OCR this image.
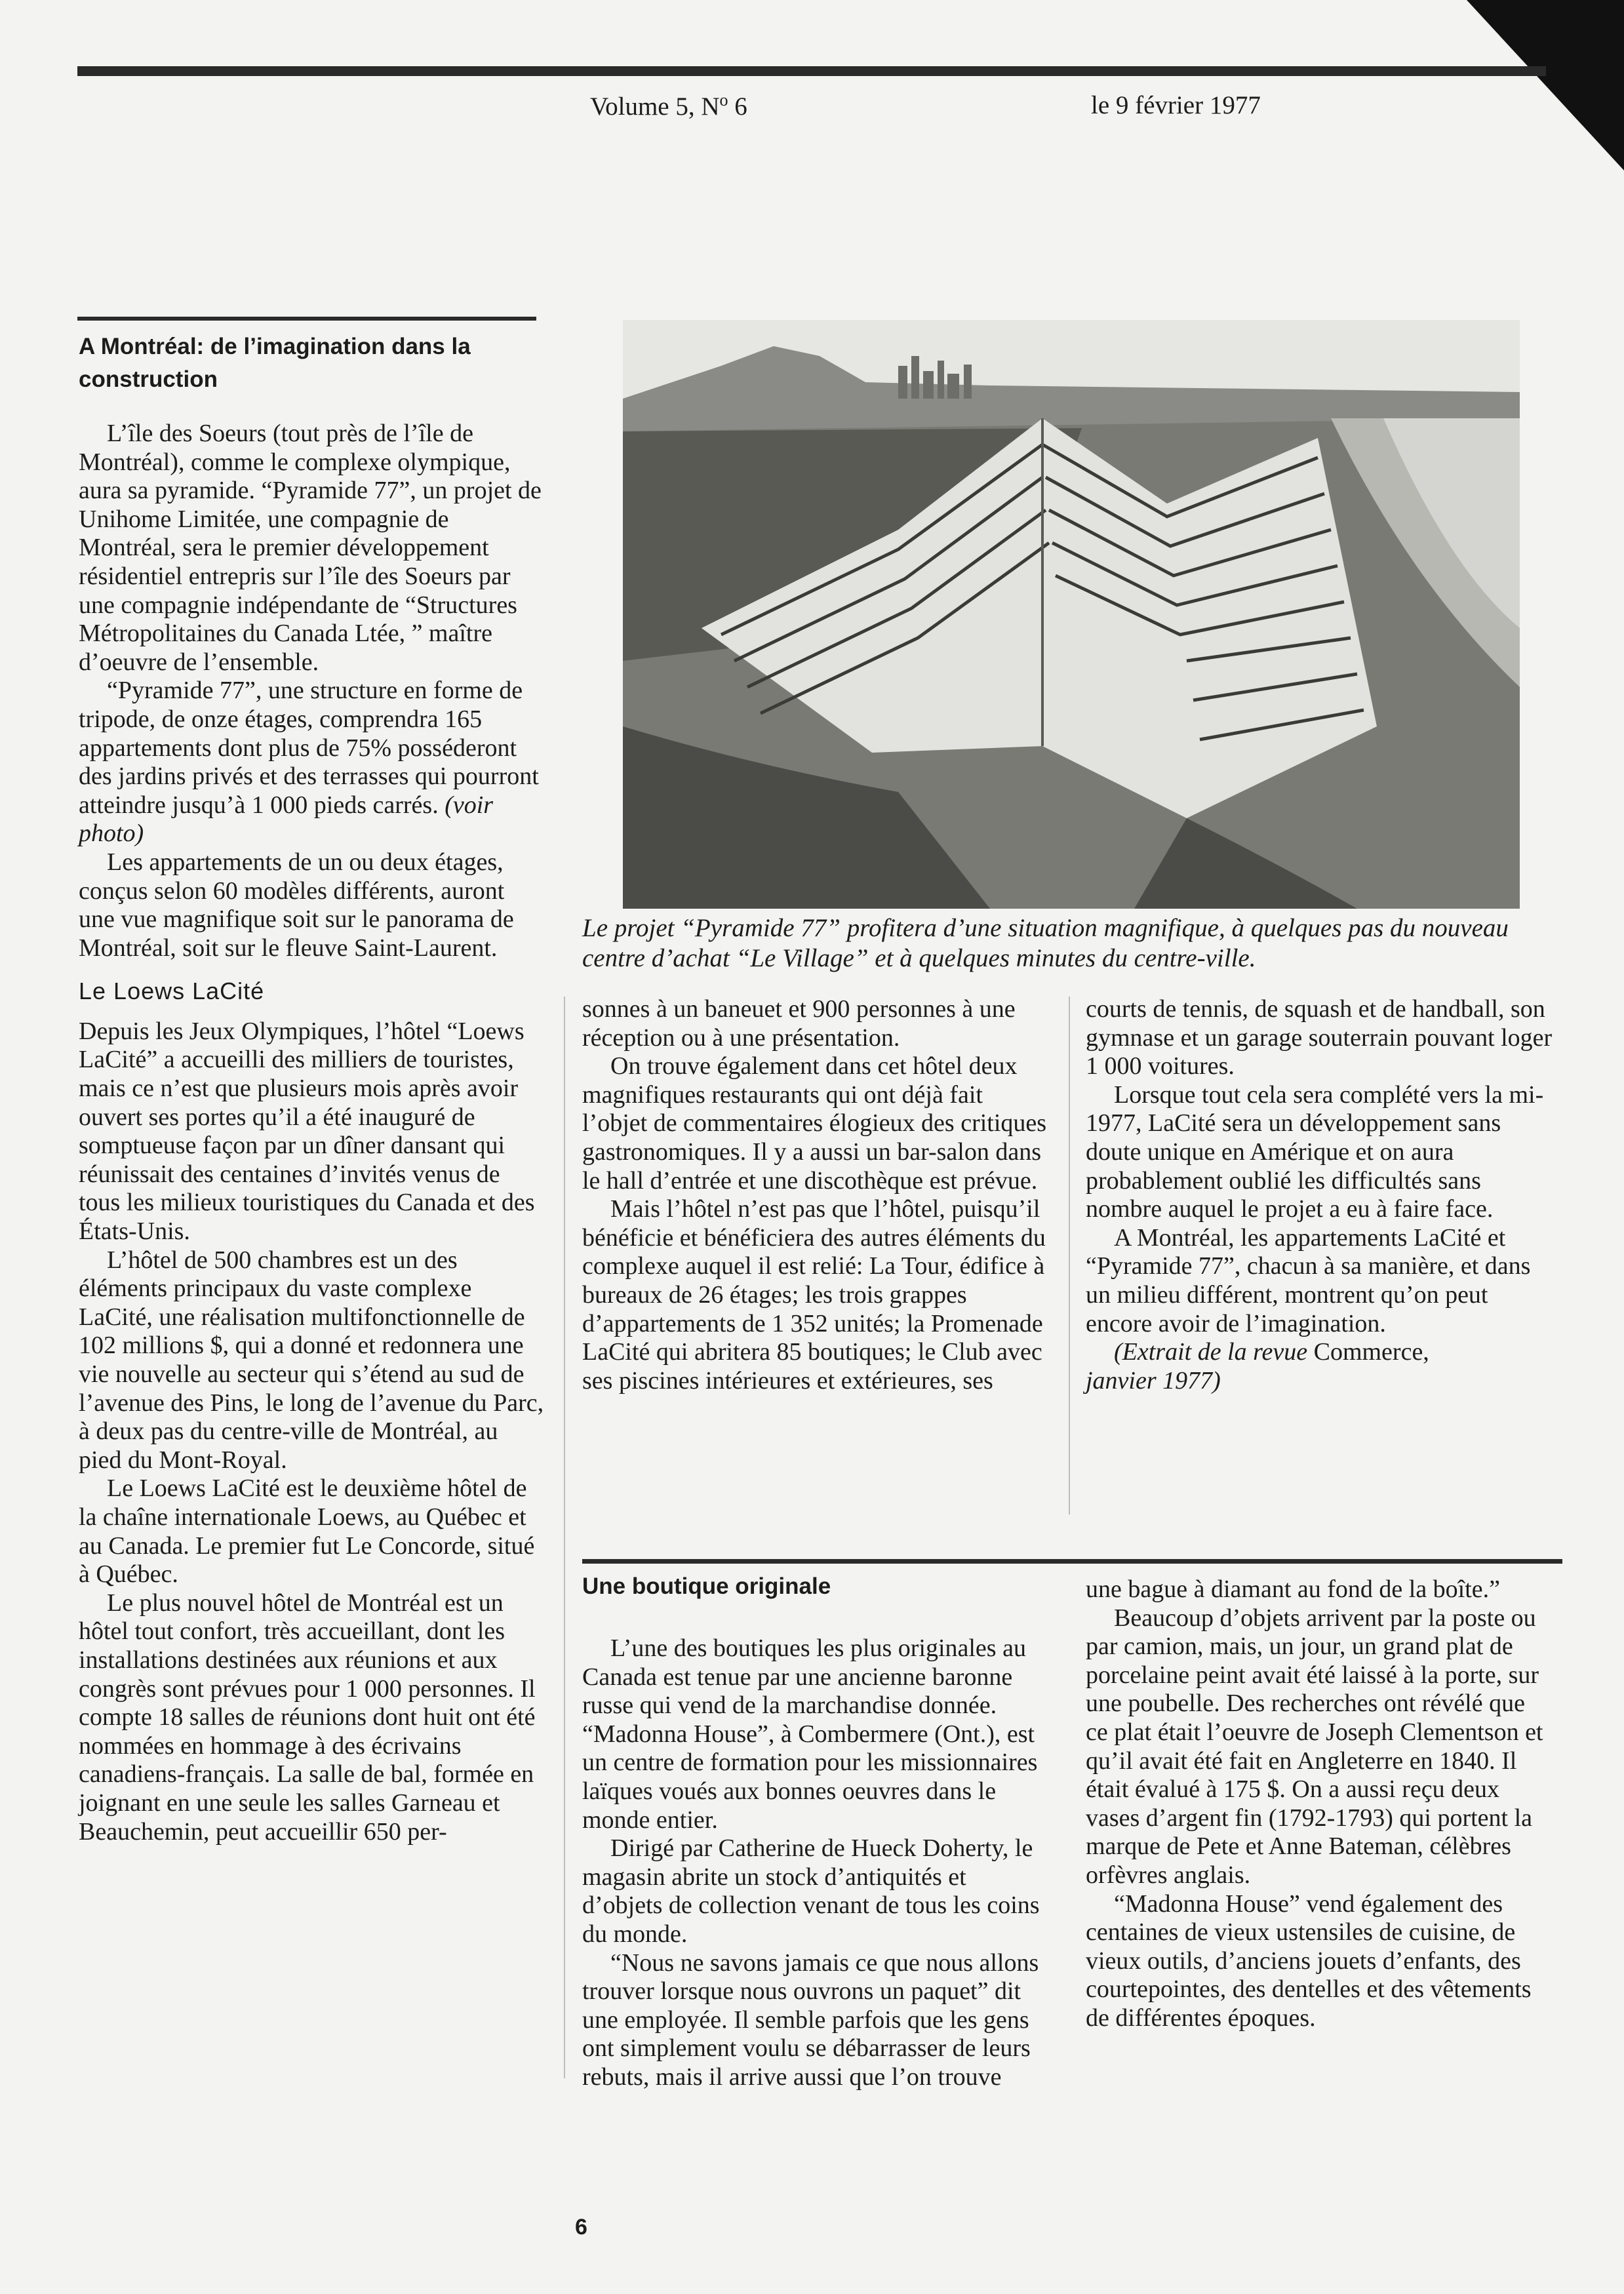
Volume 5, $N^o$ 6	le 9 février 1977
A Montréal: de l’imagination dans la construction

L’île des Soeurs (tout près de l’île de Montréal), comme le complexe olympique, aura sa pyramide. “Pyramide 77”, un projet de Unihome Limitée, une compagnie de Montréal, sera le premier développement résidentiel entrepris sur l’île des Soeurs par une compagnie indépendante de “Structures Métropolitaines du Canada Ltée, ” maître d’oeuvre de l’ensemble.

“Pyramide 77”, une structure en forme de tripode, de onze étages, comprendra 165 appartements dont plus de 75% posséderont des jardins privés et des terrasses qui pourront atteindre jusqu’à 1 000 pieds carrés. (voir photo)

Les appartements de un ou deux étages, conçus selon 60 modèles différents, auront une vue magnifique soit sur le panorama de Montréal, soit sur le fleuve Saint-Laurent.

Le Loews LaCité

Depuis les Jeux Olympiques, l’hôtel “Loews LaCité” a accueilli des milliers de touristes, mais ce n’est que plusieurs mois après avoir ouvert ses portes qu’il a été inauguré de somptueuse façon par un dîner dansant qui réunissait des centaines d’invités venus de tous les milieux touristiques du Canada et des États-Unis.

L’hôtel de 500 chambres est un des éléments principaux du vaste complexe LaCité, une réalisation multifonctionnelle de 102 millions $, qui a donné et redonnera une vie nouvelle au secteur qui s’étend au sud de l’avenue des Pins, le long de l’avenue du Parc, à deux pas du centre-ville de Montréal, au pied du Mont-Royal.

Le Loews LaCité est le deuxième hôtel de la chaîne internationale Loews, au Québec et au Canada. Le premier fut Le Concorde, situé à Québec.

Le plus nouvel hôtel de Montréal est un hôtel tout confort, très accueillant, dont les installations destinées aux réunions et aux congrès sont prévues pour 1 000 personnes. Il compte 18 salles de réunions dont huit ont été nommées en hommage à des écrivains canadiens-français. La salle de bal, formée en joignant en une seule les salles Garneau et Beauchemin, peut accueillir 650 per-

Le projet “Pyramide 77” profitera d’une situation magnifique, à quelques pas du nouveau centre d’achat “Le Village” et à quelques minutes du centre-ville.

sonnes à un baneuet et 900 personnes à une réception ou à une présentation.

On trouve également dans cet hôtel deux magnifiques restaurants qui ont déjà fait l’objet de commentaires élogieux des critiques gastronomiques. Il y a aussi un bar-salon dans le hall d’entrée et une discothèque est prévue.

Mais l’hôtel n’est pas que l’hôtel, puisqu’il bénéficie et bénéficiera des autres éléments du complexe auquel il est relié: La Tour, édifice à bureaux de 26 étages; les trois grappes d’appartements de 1 352 unités; la Promenade LaCité qui abritera 85 boutiques; le Club avec ses piscines intérieures et extérieures, ses

courts de tennis, de squash et de handball, son gymnase et un garage souterrain pouvant loger 1 000 voitures.

Lorsque tout cela sera complété vers la mi-1977, LaCité sera un développement sans doute unique en Amérique et on aura probablement oublié les difficultés sans nombre auquel le projet a eu à faire face.

A Montréal, les appartements LaCité et “Pyramide 77”, chacun à sa manière, et dans un milieu différent, montrent qu’on peut encore avoir de l’imagination.

(Extrait de la revue Commerce,
janvier 1977)

Une boutique originale

L’une des boutiques les plus originales au Canada est tenue par une ancienne baronne russe qui vend de la marchandise donnée. “Madonna House”, à Combermere (Ont.), est un centre de formation pour les missionnaires laïques voués aux bonnes oeuvres dans le monde entier.

Dirigé par Catherine de Hueck Doherty, le magasin abrite un stock d’antiquités et d’objets de collection venant de tous les coins du monde.

“Nous ne savons jamais ce que nous allons trouver lorsque nous ouvrons un paquet” dit une employée. Il semble parfois que les gens ont simplement voulu se débarrasser de leurs rebuts, mais il arrive aussi que l’on trouve

une bague à diamant au fond de la boîte.”

Beaucoup d’objets arrivent par la poste ou par camion, mais, un jour, un grand plat de porcelaine peint avait été laissé à la porte, sur une poubelle. Des recherches ont révélé que ce plat était l’oeuvre de Joseph Clementson et qu’il avait été fait en Angleterre en 1840. Il était évalué à 175 $. On a aussi reçu deux vases d’argent fin (1792-1793) qui portent la marque de Pete et Anne Bateman, célèbres orfèvres anglais.

“Madonna House” vend également des centaines de vieux ustensiles de cuisine, de vieux outils, d’anciens jouets d’enfants, des courtepointes, des dentelles et des vêtements de différentes époques.

6
